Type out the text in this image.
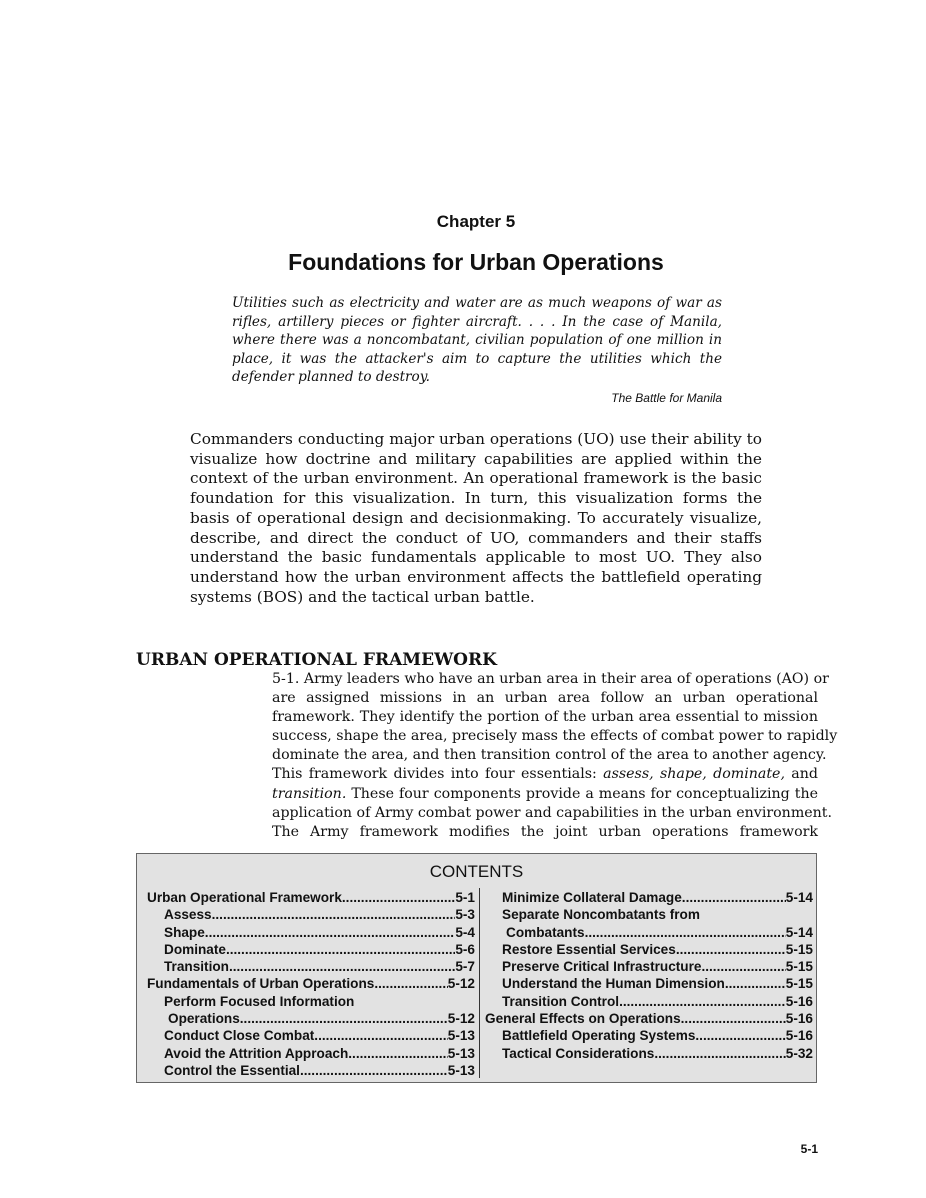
Chapter 5
Foundations for Urban Operations
Utilities such as electricity and water are as much weapons of war as
rifles, artillery pieces or fighter aircraft. . . . In the case of Manila,
where there was a noncombatant, civilian population of one million in
place, it was the attacker's aim to capture the utilities which the
defender planned to destroy.
The Battle for Manila
Commanders conducting major urban operations (UO) use their ability to
visualize how doctrine and military capabilities are applied within the
context of the urban environment. An operational framework is the basic
foundation for this visualization. In turn, this visualization forms the
basis of operational design and decisionmaking. To accurately visualize,
describe, and direct the conduct of UO, commanders and their staffs
understand the basic fundamentals applicable to most UO. They also
understand how the urban environment affects the battlefield operating
systems (BOS) and the tactical urban battle.
URBAN OPERATIONAL FRAMEWORK
5-1. Army leaders who have an urban area in their area of operations (AO) or
are assigned missions in an urban area follow an urban operational
framework. They identify the portion of the urban area essential to mission
success, shape the area, precisely mass the effects of combat power to rapidly
dominate the area, and then transition control of the area to another agency.
This framework divides into four essentials: assess, shape, dominate, and
transition. These four components provide a means for conceptualizing the
application of Army combat power and capabilities in the urban environment.
The Army framework modifies the joint urban operations framework
CONTENTS
Urban Operational Framework .....	5-1
Assess .....	5-3
Shape .....	5-4
Dominate .....	5-6
Transition .....	5-7
Fundamentals of Urban Operations .....	5-12
Perform Focused Information
Operations .....	5-12
Conduct Close Combat .....	5-13
Avoid the Attrition Approach .....	5-13
Control the Essential .....	5-13
Minimize Collateral Damage .....	5-14
Separate Noncombatants from
Combatants .....	5-14
Restore Essential Services .....	5-15
Preserve Critical Infrastructure .....	5-15
Understand the Human Dimension .....	5-15
Transition Control .....	5-16
General Effects on Operations .....	5-16
Battlefield Operating Systems .....	5-16
Tactical Considerations .....	5-32
5-1
